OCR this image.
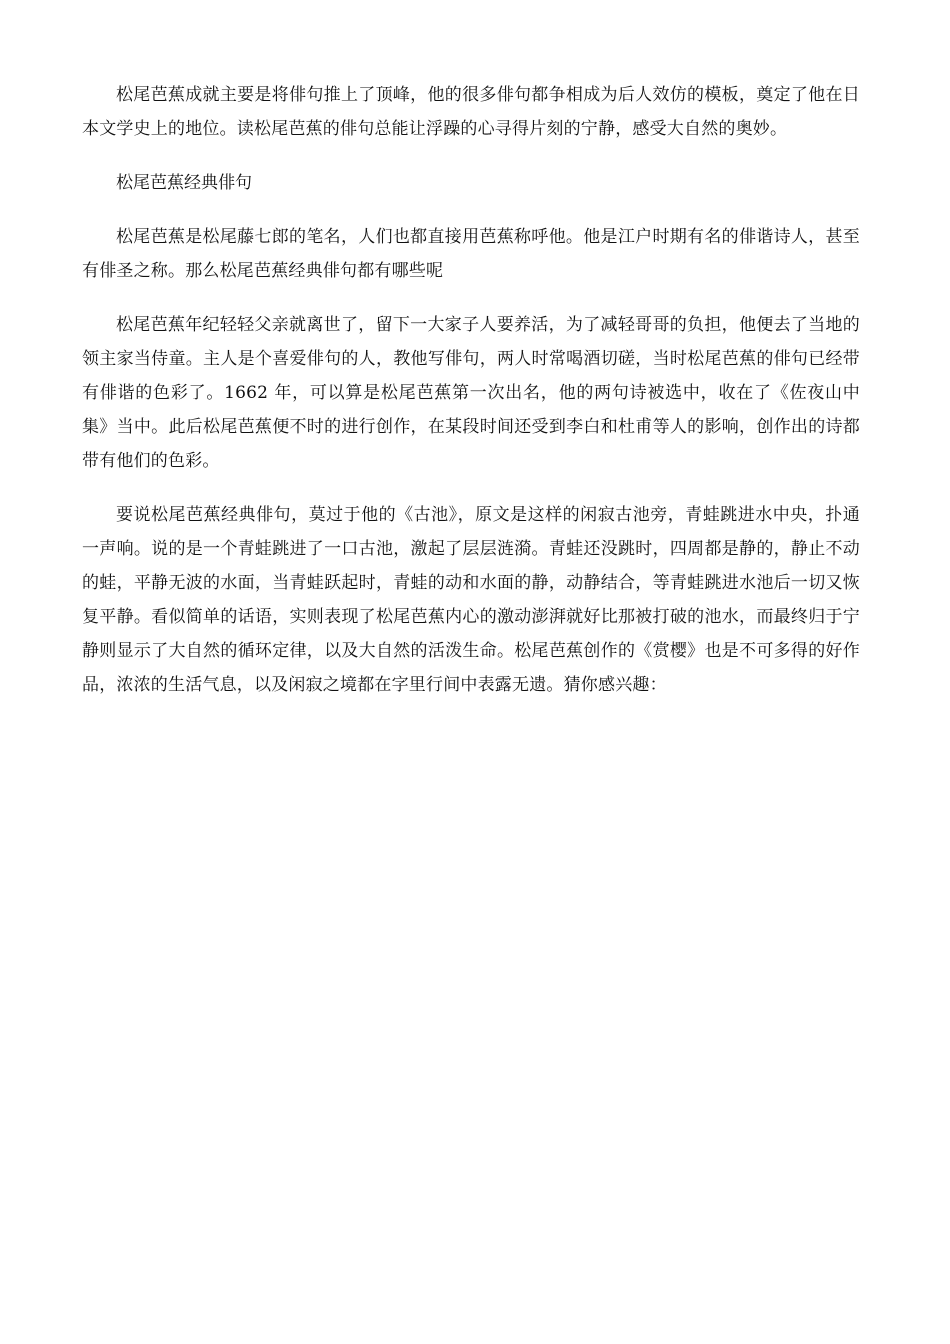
松尾芭蕉成就主要是将俳句推上了顶峰，他的很多俳句都争相成为后人效仿的模板，奠定了他在日本文学史上的地位。读松尾芭蕉的俳句总能让浮躁的心寻得片刻的宁静，感受大自然的奥妙。

松尾芭蕉经典俳句

松尾芭蕉是松尾藤七郎的笔名，人们也都直接用芭蕉称呼他。他是江户时期有名的俳谐诗人，甚至有俳圣之称。那么松尾芭蕉经典俳句都有哪些呢

松尾芭蕉年纪轻轻父亲就离世了，留下一大家子人要养活，为了减轻哥哥的负担，他便去了当地的领主家当侍童。主人是个喜爱俳句的人，教他写俳句，两人时常喝酒切磋，当时松尾芭蕉的俳句已经带有俳谐的色彩了。1662 年，可以算是松尾芭蕉第一次出名，他的两句诗被选中，收在了《佐夜山中集》当中。此后松尾芭蕉便不时的进行创作，在某段时间还受到李白和杜甫等人的影响，创作出的诗都带有他们的色彩。

要说松尾芭蕉经典俳句，莫过于他的《古池》，原文是这样的闲寂古池旁，青蛙跳进水中央，扑通一声响。说的是一个青蛙跳进了一口古池，激起了层层涟漪。青蛙还没跳时，四周都是静的，静止不动的蛙，平静无波的水面，当青蛙跃起时，青蛙的动和水面的静，动静结合，等青蛙跳进水池后一切又恢复平静。看似简单的话语，实则表现了松尾芭蕉内心的激动澎湃就好比那被打破的池水，而最终归于宁静则显示了大自然的循环定律，以及大自然的活泼生命。松尾芭蕉创作的《赏樱》也是不可多得的好作品，浓浓的生活气息，以及闲寂之境都在字里行间中表露无遗。猜你感兴趣：
